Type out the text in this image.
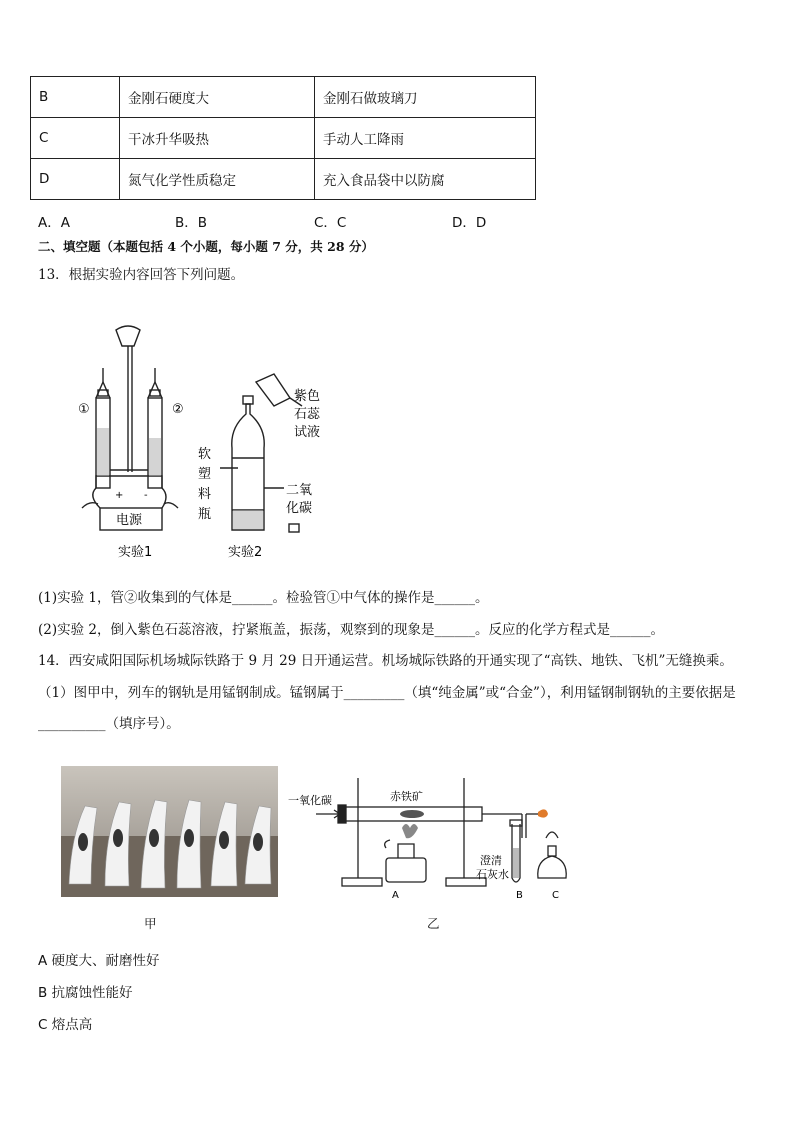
B	金刚石硬度大	金刚石做玻璃刀
C	干冰升华吸热	手动人工降雨
D	氮气化学性质稳定	充入食品袋中以防腐
A．A	B．B	C．C	D．D
二、填空题（本题包括 4 个小题，每小题 7 分，共 28 分）
13．根据实验内容回答下列问题。
①	②
+ -
电源
实验1	实验2
软
塑
料
瓶
紫色
石蕊
试液
二氧
化碳
(1)实验 1，管②收集到的气体是______。检验管①中气体的操作是______。
(2)实验 2，倒入紫色石蕊溶液，拧紧瓶盖，振荡，观察到的现象是______。反应的化学方程式是______。
14．西安咸阳国际机场城际铁路于 9 月 29 日开通运营。机场城际铁路的开通实现了“高铁、地铁、飞机”无缝换乘。
（1）图甲中，列车的钢轨是用锰钢制成。锰钢属于_________（填“纯金属”或“合金”），利用锰钢制钢轨的主要依据是
__________（填序号）。
一氧化碳	赤铁矿
澄清
石灰水
A	B	C
甲	乙
A 硬度大、耐磨性好
B 抗腐蚀性能好
C 熔点高
